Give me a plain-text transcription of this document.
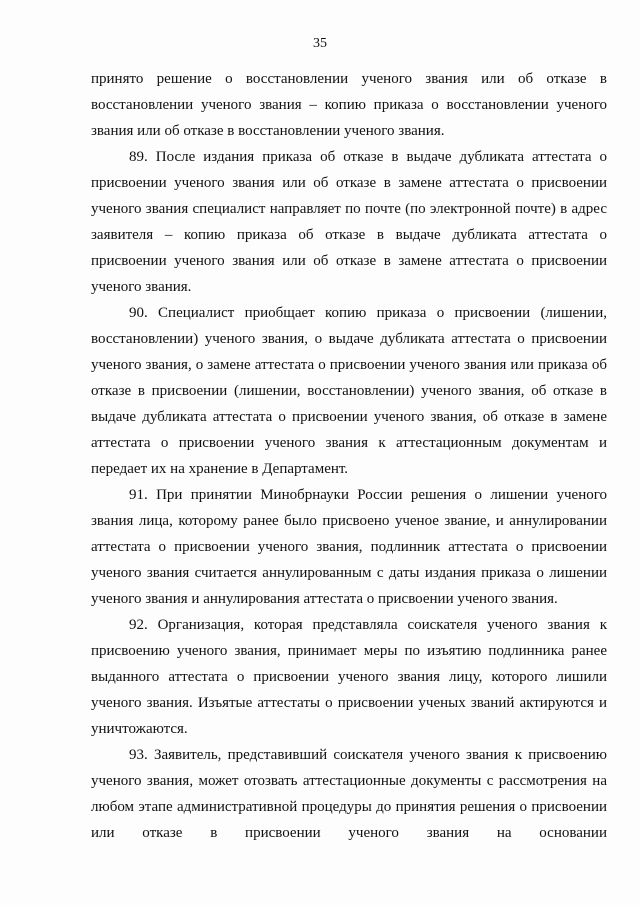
35

принято решение о восстановлении ученого звания или об отказе в восстановлении ученого звания – копию приказа о восстановлении ученого звания или об отказе в восстановлении ученого звания.

89. После издания приказа об отказе в выдаче дубликата аттестата о присвоении ученого звания или об отказе в замене аттестата о присвоении ученого звания специалист направляет по почте (по электронной почте) в адрес заявителя – копию приказа об отказе в выдаче дубликата аттестата о присвоении ученого звания или об отказе в замене аттестата о присвоении ученого звания.

90. Специалист приобщает копию приказа о присвоении (лишении, восстановлении) ученого звания, о выдаче дубликата аттестата о присвоении ученого звания, о замене аттестата о присвоении ученого звания или приказа об отказе в присвоении (лишении, восстановлении) ученого звания, об отказе в выдаче дубликата аттестата о присвоении ученого звания, об отказе в замене аттестата о присвоении ученого звания к аттестационным документам и передает их на хранение в Департамент.

91. При принятии Минобрнауки России решения о лишении ученого звания лица, которому ранее было присвоено ученое звание, и аннулировании аттестата о присвоении ученого звания, подлинник аттестата о присвоении ученого звания считается аннулированным с даты издания приказа о лишении ученого звания и аннулирования аттестата о присвоении ученого звания.

92. Организация, которая представляла соискателя ученого звания к присвоению ученого звания, принимает меры по изъятию подлинника ранее выданного аттестата о присвоении ученого звания лицу, которого лишили ученого звания. Изъятые аттестаты о присвоении ученых званий актируются и уничтожаются.

93. Заявитель, представивший соискателя ученого звания к присвоению ученого звания, может отозвать аттестационные документы с рассмотрения на любом этапе административной процедуры до принятия решения о присвоении или отказе в присвоении ученого звания на основании
